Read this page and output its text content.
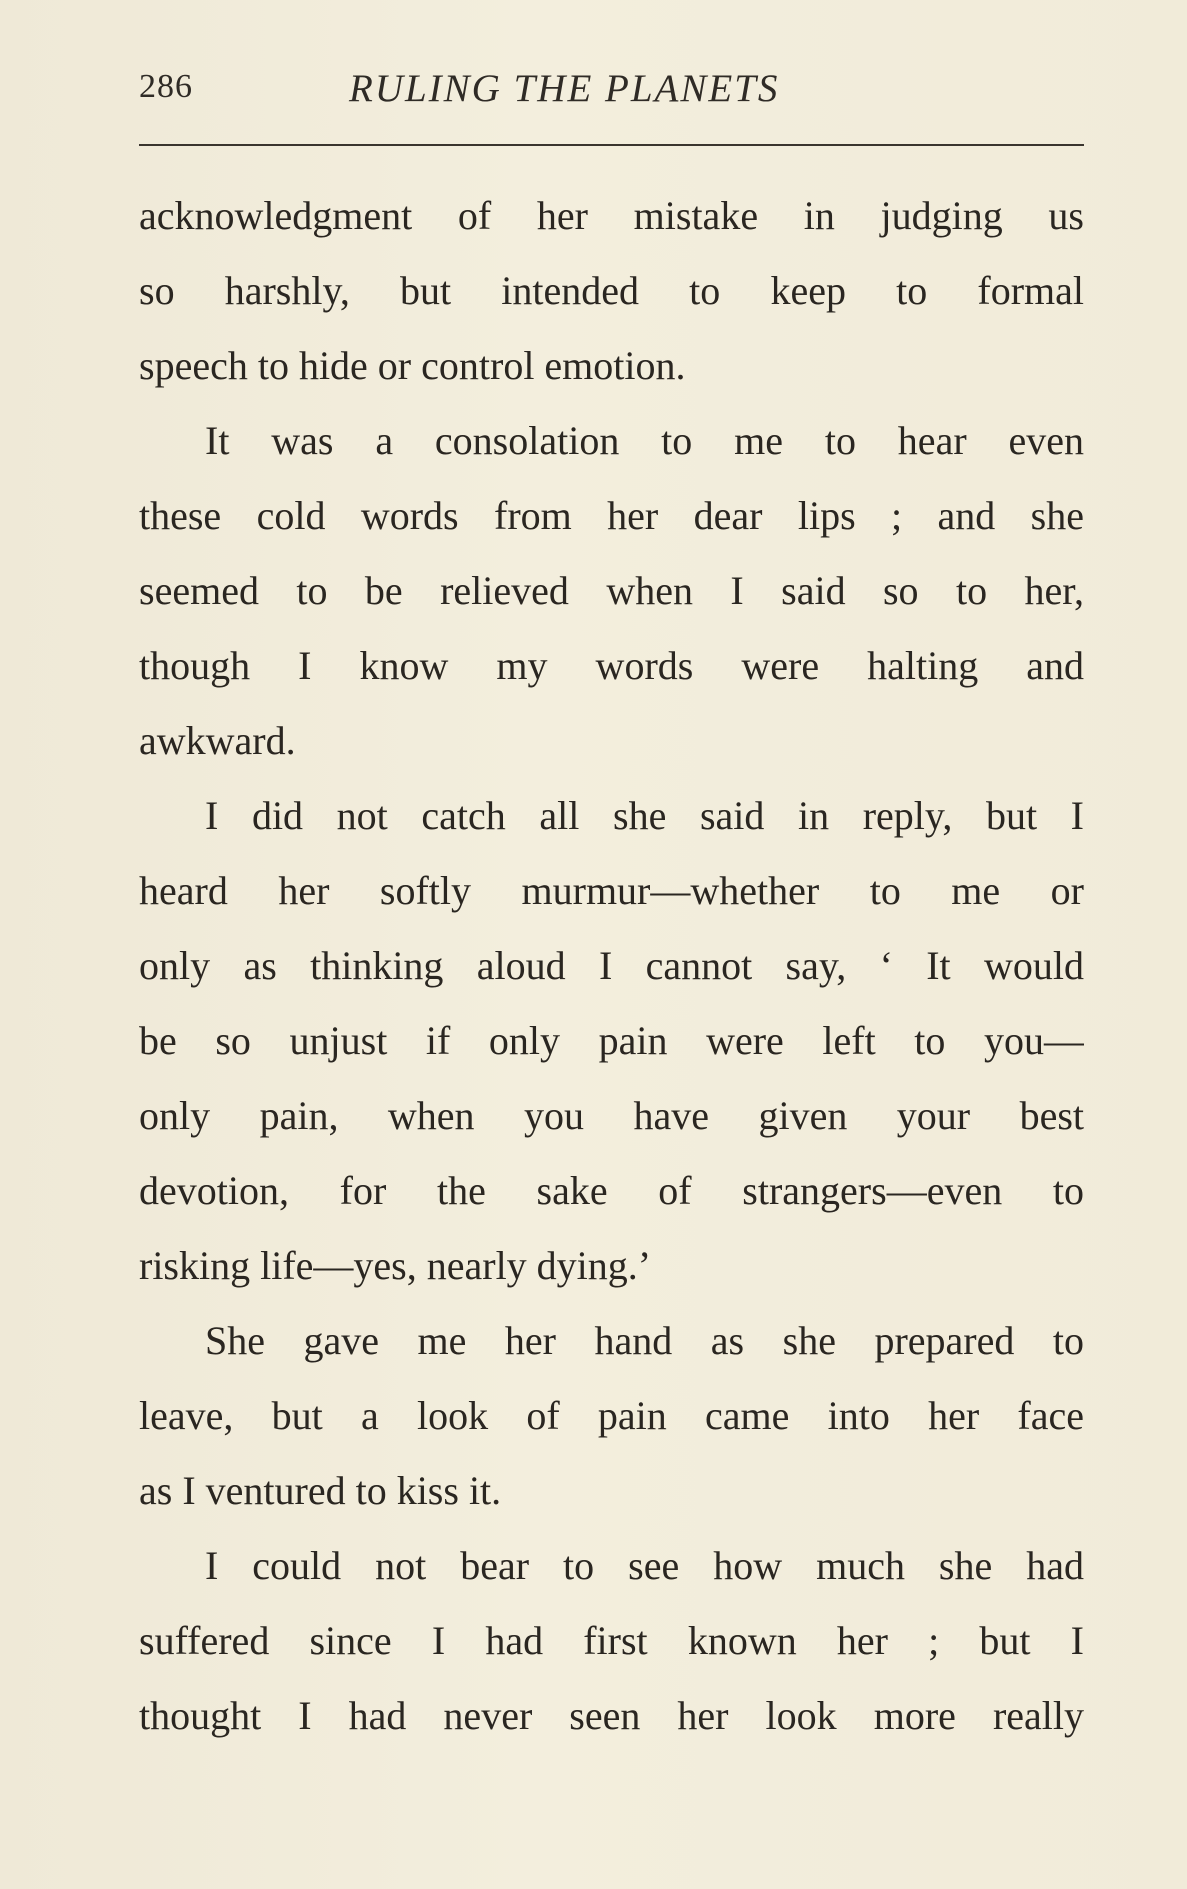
286	RULING THE PLANETS
acknowledgment of her mistake in judging us
so harshly, but intended to keep to formal
speech to hide or control emotion.
It was a consolation to me to hear even
these cold words from her dear lips ; and she
seemed to be relieved when I said so to her,
though I know my words were halting and
awkward.
I did not catch all she said in reply, but I
heard her softly murmur—whether to me or
only as thinking aloud I cannot say, ‘ It would
be so unjust if only pain were left to you—
only pain, when you have given your best
devotion, for the sake of strangers—even to
risking life—yes, nearly dying.’
She gave me her hand as she prepared to
leave, but a look of pain came into her face
as I ventured to kiss it.
I could not bear to see how much she had
suffered since I had first known her ; but I
thought I had never seen her look more really
